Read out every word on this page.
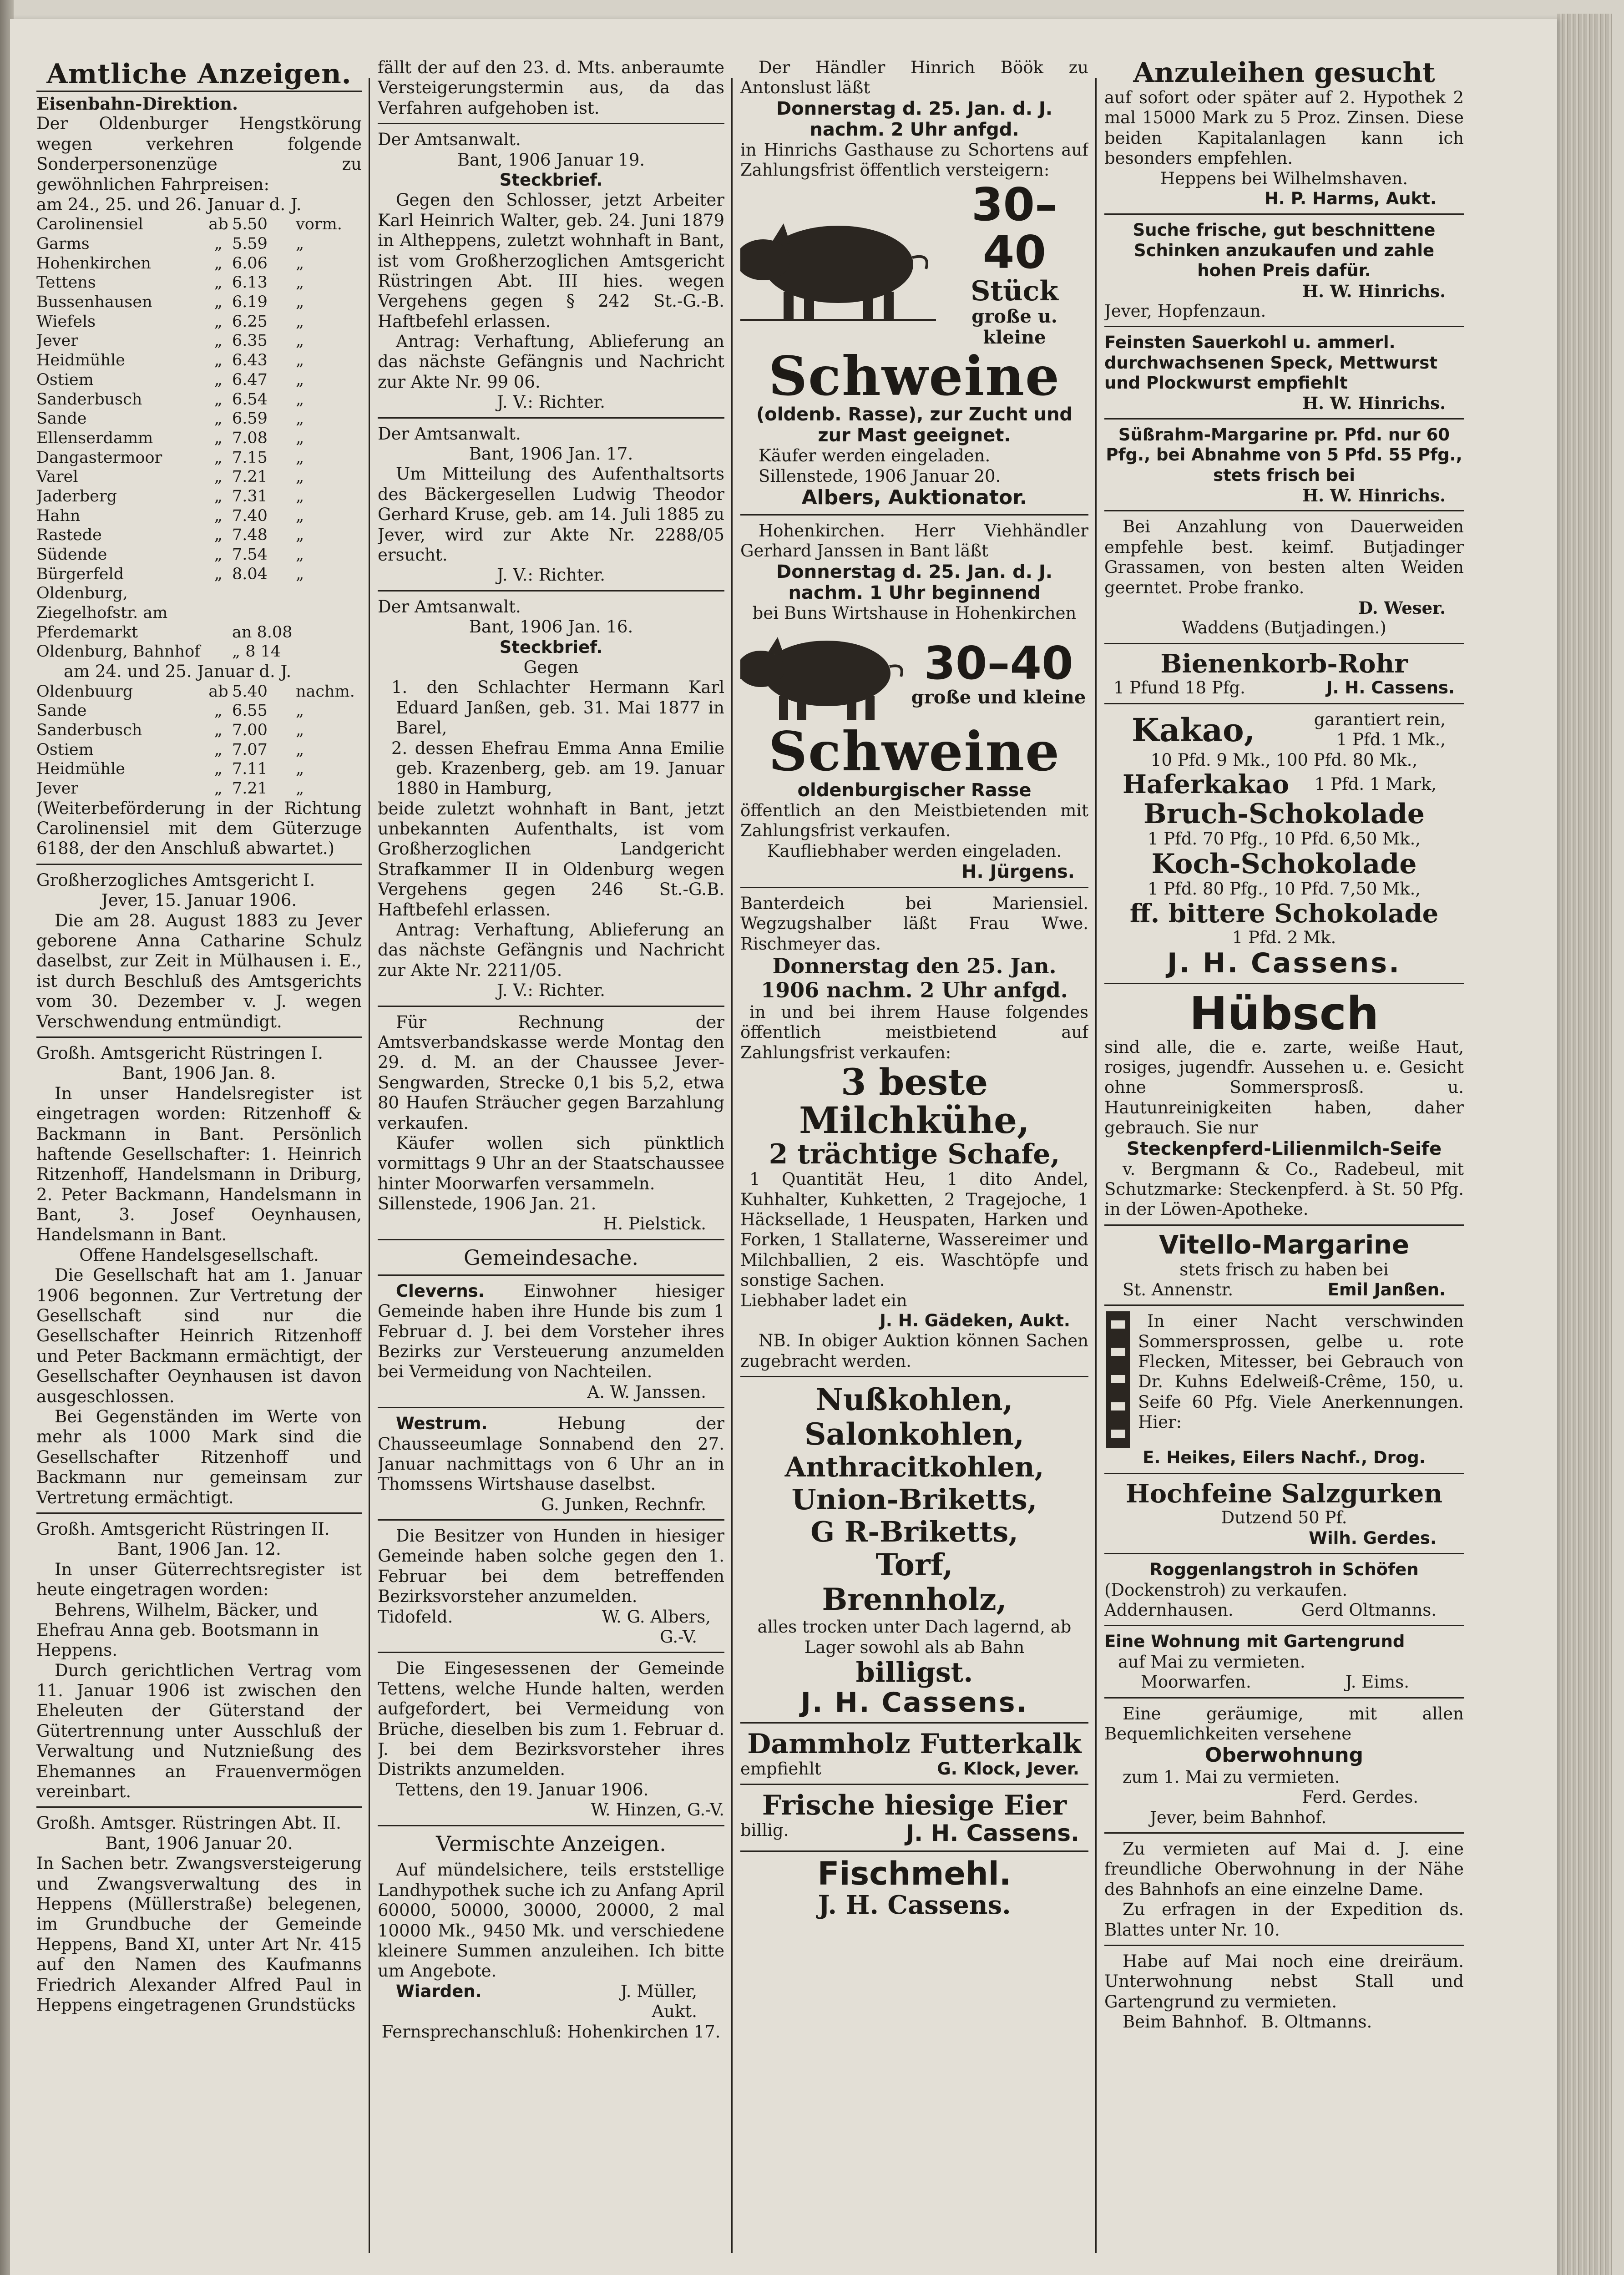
Amtliche Anzeigen.

Eisenbahn-Direktion.

Der Oldenburger Hengstkörung wegen verkehren folgende Sonderpersonenzüge zu gewöhnlichen Fahrpreisen:

am 24., 25. und 26. Januar d. J.

Carolinensiel	ab 5.50	vorm.
Garms	„ 5.59	„
Hohenkirchen	„ 6.06	„
Tettens	„ 6.13	„
Bussenhausen	„ 6.19	„
Wiefels	„ 6.25	„
Jever	„ 6.35	„
Heidmühle	„ 6.43	„
Ostiem	„ 6.47	„
Sanderbusch	„ 6.54	„
Sande	„ 6.59	„
Ellenserdamm	„ 7.08	„
Dangastermoor	„ 7.15	„
Varel	„ 7.21	„
Jaderberg	„ 7.31	„
Hahn	„ 7.40	„
Rastede	„ 7.48	„
Südende	„ 7.54	„
Bürgerfeld	„ 8.04	„
Oldenburg, Ziegelhofstr. am Pferdemarkt	an 8.08
Oldenburg, Bahnhof „ 8 14

am 24. und 25. Januar d. J.

Oldenbuurg	ab 5.40	nachm.
Sande	„ 6.55	„
Sanderbusch	„ 7.00	„
Ostiem	„ 7.07	„
Heidmühle	„ 7.11	„
Jever	„ 7.21	„

(Weiterbeförderung in der Richtung Carolinensiel mit dem Güterzuge 6188, der den Anschluß abwartet.)

Großherzogliches Amtsgericht I.

Jever, 15. Januar 1906.

Die am 28. August 1883 zu Jever geborene Anna Catharine Schulz daselbst, zur Zeit in Mülhausen i. E., ist durch Beschluß des Amtsgerichts vom 30. Dezember v. J. wegen Verschwendung entmündigt.

Großh. Amtsgericht Rüstringen I.

Bant, 1906 Jan. 8.

In unser Handelsregister ist eingetragen worden: Ritzenhoff & Backmann in Bant. Persönlich haftende Gesellschafter: 1. Heinrich Ritzenhoff, Handelsmann in Driburg, 2. Peter Backmann, Handelsmann in Bant, 3. Josef Oeynhausen, Handelsmann in Bant.

Offene Handelsgesellschaft.

Die Gesellschaft hat am 1. Januar 1906 begonnen. Zur Vertretung der Gesellschaft sind nur die Gesellschafter Heinrich Ritzenhoff und Peter Backmann ermächtigt, der Gesellschafter Oeynhausen ist davon ausgeschlossen.

Bei Gegenständen im Werte von mehr als 1000 Mark sind die Gesellschafter Ritzenhoff und Backmann nur gemeinsam zur Vertretung ermächtigt.

Großh. Amtsgericht Rüstringen II.

Bant, 1906 Jan. 12.

In unser Güterrechtsregister ist heute eingetragen worden:

Behrens, Wilhelm, Bäcker, und Ehefrau Anna geb. Bootsmann in Heppens.

Durch gerichtlichen Vertrag vom 11. Januar 1906 ist zwischen den Eheleuten der Güterstand der Gütertrennung unter Ausschluß der Verwaltung und Nutznießung des Ehemannes an Frauenvermögen vereinbart.

Großh. Amtsger. Rüstringen Abt. II.

Bant, 1906 Januar 20.

In Sachen betr. Zwangsversteigerung und Zwangsverwaltung des in Heppens (Müllerstraße) belegenen, im Grundbuche der Gemeinde Heppens, Band XI, unter Art Nr. 415 auf den Namen des Kaufmanns Friedrich Alexander Alfred Paul in Heppens eingetragenen Grundstücks

fällt der auf den 23. d. Mts. anberaumte Versteigerungstermin aus, da das Verfahren aufgehoben ist.

Der Amtsanwalt.

Bant, 1906 Januar 19.

Steckbrief.

Gegen den Schlosser, jetzt Arbeiter Karl Heinrich Walter, geb. 24. Juni 1879 in Altheppens, zuletzt wohnhaft in Bant, ist vom Großherzoglichen Amtsgericht Rüstringen Abt. III hies. wegen Vergehens gegen § 242 St.-G.-B. Haftbefehl erlassen.

Antrag: Verhaftung, Ablieferung an das nächste Gefängnis und Nachricht zur Akte Nr. 99 06.

J. V.: Richter.

Der Amtsanwalt.

Bant, 1906 Jan. 17.

Um Mitteilung des Aufenthaltsorts des Bäckergesellen Ludwig Theodor Gerhard Kruse, geb. am 14. Juli 1885 zu Jever, wird zur Akte Nr. 2288/05 ersucht.

J. V.: Richter.

Der Amtsanwalt.

Bant, 1906 Jan. 16.

Steckbrief.

Gegen

1. den Schlachter Hermann Karl Eduard Janßen, geb. 31. Mai 1877 in Barel,

2. dessen Ehefrau Emma Anna Emilie geb. Krazenberg, geb. am 19. Januar 1880 in Hamburg,

beide zuletzt wohnhaft in Bant, jetzt unbekannten Aufenthalts, ist vom Großherzoglichen Landgericht Strafkammer II in Oldenburg wegen Vergehens gegen 246 St.-G.B. Haftbefehl erlassen.

Antrag: Verhaftung, Ablieferung an das nächste Gefängnis und Nachricht zur Akte Nr. 2211/05.

J. V.: Richter.

Für Rechnung der Amtsverbandskasse werde Montag den 29. d. M. an der Chaussee Jever-Sengwarden, Strecke 0,1 bis 5,2, etwa 80 Haufen Sträucher gegen Barzahlung verkaufen.

Käufer wollen sich pünktlich vormittags 9 Uhr an der Staatschaussee hinter Moorwarfen versammeln.

Sillenstede, 1906 Jan. 21.

H. Pielstick.

Gemeindesache.

Cleverns. Einwohner hiesiger Gemeinde haben ihre Hunde bis zum 1 Februar d. J. bei dem Vorsteher ihres Bezirks zur Versteuerung anzumelden bei Vermeidung von Nachteilen.

A. W. Janssen.

Westrum.	Hebung der Chausseeumlage Sonnabend den 27. Januar nachmittags von 6 Uhr an in Thomssens Wirtshause daselbst.

G. Junken, Rechnfr.

Die Besitzer von Hunden in hiesiger Gemeinde haben solche gegen den 1. Februar bei dem betreffenden Bezirksvorsteher anzumelden.

Tidofeld.	W. G. Albers,

G.-V.

Die Eingesessenen der Gemeinde Tettens, welche Hunde halten, werden aufgefordert, bei Vermeidung von Brüche, dieselben bis zum 1. Februar d. J. bei dem Bezirksvorsteher ihres Distrikts anzumelden.

Tettens, den 19. Januar 1906.

W. Hinzen, G.-V.

Vermischte Anzeigen.

Auf mündelsichere, teils erststellige Landhypothek suche ich zu Anfang April 60000, 50000, 30000, 20000, 2 mal 10000 Mk., 9450 Mk. und verschiedene kleinere Summen anzuleihen. Ich bitte um Angebote.

Wiarden.	J. Müller,

Aukt.

Fernsprechanschluß: Hohenkirchen 17.

Der Händler Hinrich Böök zu Antonslust läßt

Donnerstag d. 25. Jan. d. J. nachm. 2 Uhr anfgd.

in Hinrichs Gasthause zu Schortens auf Zahlungsfrist öffentlich versteigern:

30–40

Stück

große u. kleine

Schweine

(oldenb. Rasse), zur Zucht und zur Mast geeignet.

Käufer werden eingeladen.

Sillenstede, 1906 Januar 20.

Albers, Auktionator.

Hohenkirchen. Herr Viehhändler Gerhard Janssen in Bant läßt

Donnerstag d. 25. Jan. d. J. nachm. 1 Uhr beginnend

bei Buns Wirtshause in Hohenkirchen

30–40

große und kleine

Schweine

oldenburgischer Rasse

öffentlich an den Meistbietenden mit Zahlungsfrist verkaufen.

Kaufliebhaber werden eingeladen.

H. Jürgens.

Banterdeich bei Mariensiel. Wegzugshalber läßt Frau Wwe. Rischmeyer das.

Donnerstag den 25. Jan. 1906 nachm. 2 Uhr anfgd.

in und bei ihrem Hause folgendes öffentlich meistbietend auf Zahlungsfrist verkaufen:

3 beste Milchkühe,

2 trächtige Schafe,

1 Quantität Heu, 1 dito Andel, Kuhhalter, Kuhketten, 2 Tragejoche, 1 Häcksellade, 1 Heuspaten, Harken und Forken, 1 Stallaterne, Wassereimer und Milchballien, 2 eis. Waschtöpfe und sonstige Sachen.

Liebhaber ladet ein

J. H. Gädeken, Aukt.

NB. In obiger Auktion können Sachen zugebracht werden.

Nußkohlen,

Salonkohlen,

Anthracitkohlen,

Union-Briketts,

G R-Briketts,

Torf,

Brennholz,

alles trocken unter Dach lagernd, ab Lager sowohl als ab Bahn

billigst.

J. H. Cassens.

Dammholz Futterkalk

empfiehlt	G. Klock, Jever.

Frische hiesige Eier

billig.	J. H. Cassens.

Fischmehl.

J. H. Cassens.

Anzuleihen gesucht

auf sofort oder später auf 2. Hypothek 2 mal 15000 Mark zu 5 Proz. Zinsen. Diese beiden Kapitalanlagen kann ich besonders empfehlen.

Heppens bei Wilhelmshaven.

H. P. Harms, Aukt.

Suche frische, gut beschnittene Schinken anzukaufen und zahle hohen Preis dafür.

H. W. Hinrichs.

Jever, Hopfenzaun.

Feinsten Sauerkohl u. ammerl. durchwachsenen Speck, Mettwurst und Plockwurst empfiehlt

H. W. Hinrichs.

Süßrahm-Margarine pr. Pfd. nur 60 Pfg., bei Abnahme von 5 Pfd. 55 Pfg., stets frisch bei

H. W. Hinrichs.

Bei Anzahlung von Dauerweiden empfehle best. keimf. Butjadinger Grassamen, von besten alten Weiden geerntet. Probe franko.

D. Weser.

Waddens (Butjadingen.)

Bienenkorb-Rohr

1 Pfund 18 Pfg.	J. H. Cassens.
Kakao,	garantiert rein,
1 Pfd. 1 Mk.,

10 Pfd. 9 Mk., 100 Pfd. 80 Mk.,

Haferkakao 1 Pfd. 1 Mark,

Bruch-Schokolade

1 Pfd. 70 Pfg., 10 Pfd. 6,50 Mk.,

Koch-Schokolade

1 Pfd. 80 Pfg., 10 Pfd. 7,50 Mk.,

ff. bittere Schokolade

1 Pfd. 2 Mk.

J. H. Cassens.

Hübsch

sind alle, die e. zarte, weiße Haut, rosiges, jugendfr. Aussehen u. e. Gesicht ohne Sommersprosß. u. Hautunreinigkeiten haben, daher gebrauch. Sie nur

Steckenpferd-Lilienmilch-Seife

v. Bergmann & Co., Radebeul, mit Schutzmarke: Steckenpferd. à St. 50 Pfg. in der Löwen-Apotheke.

Vitello-Margarine

stets frisch zu haben bei

St. Annenstr.	Emil Janßen.

In einer Nacht verschwinden Sommersprossen, gelbe u. rote Flecken, Mitesser, bei Gebrauch von Dr. Kuhns Edelweiß-Crême, 150, u. Seife 60 Pfg. Viele Anerkennungen. Hier:

E. Heikes, Eilers Nachf., Drog.

Hochfeine Salzgurken

Dutzend 50 Pf.

Wilh. Gerdes.

Roggenlangstroh in Schöfen

(Dockenstroh) zu verkaufen.

Addernhausen.	Gerd Oltmanns.

Eine Wohnung mit Gartengrund

auf Mai zu vermieten.

Moorwarfen.	J. Eims.

Eine geräumige, mit allen Bequemlichkeiten versehene

Oberwohnung

zum 1. Mai zu vermieten.

Ferd. Gerdes.

Jever, beim Bahnhof.

Zu vermieten auf Mai d. J. eine freundliche Oberwohnung in der Nähe des Bahnhofs an eine einzelne Dame.

Zu erfragen in der Expedition ds. Blattes unter Nr. 10.

Habe auf Mai noch eine dreiräum. Unterwohnung nebst Stall und Gartengrund zu vermieten.

Beim Bahnhof. B. Oltmanns.
